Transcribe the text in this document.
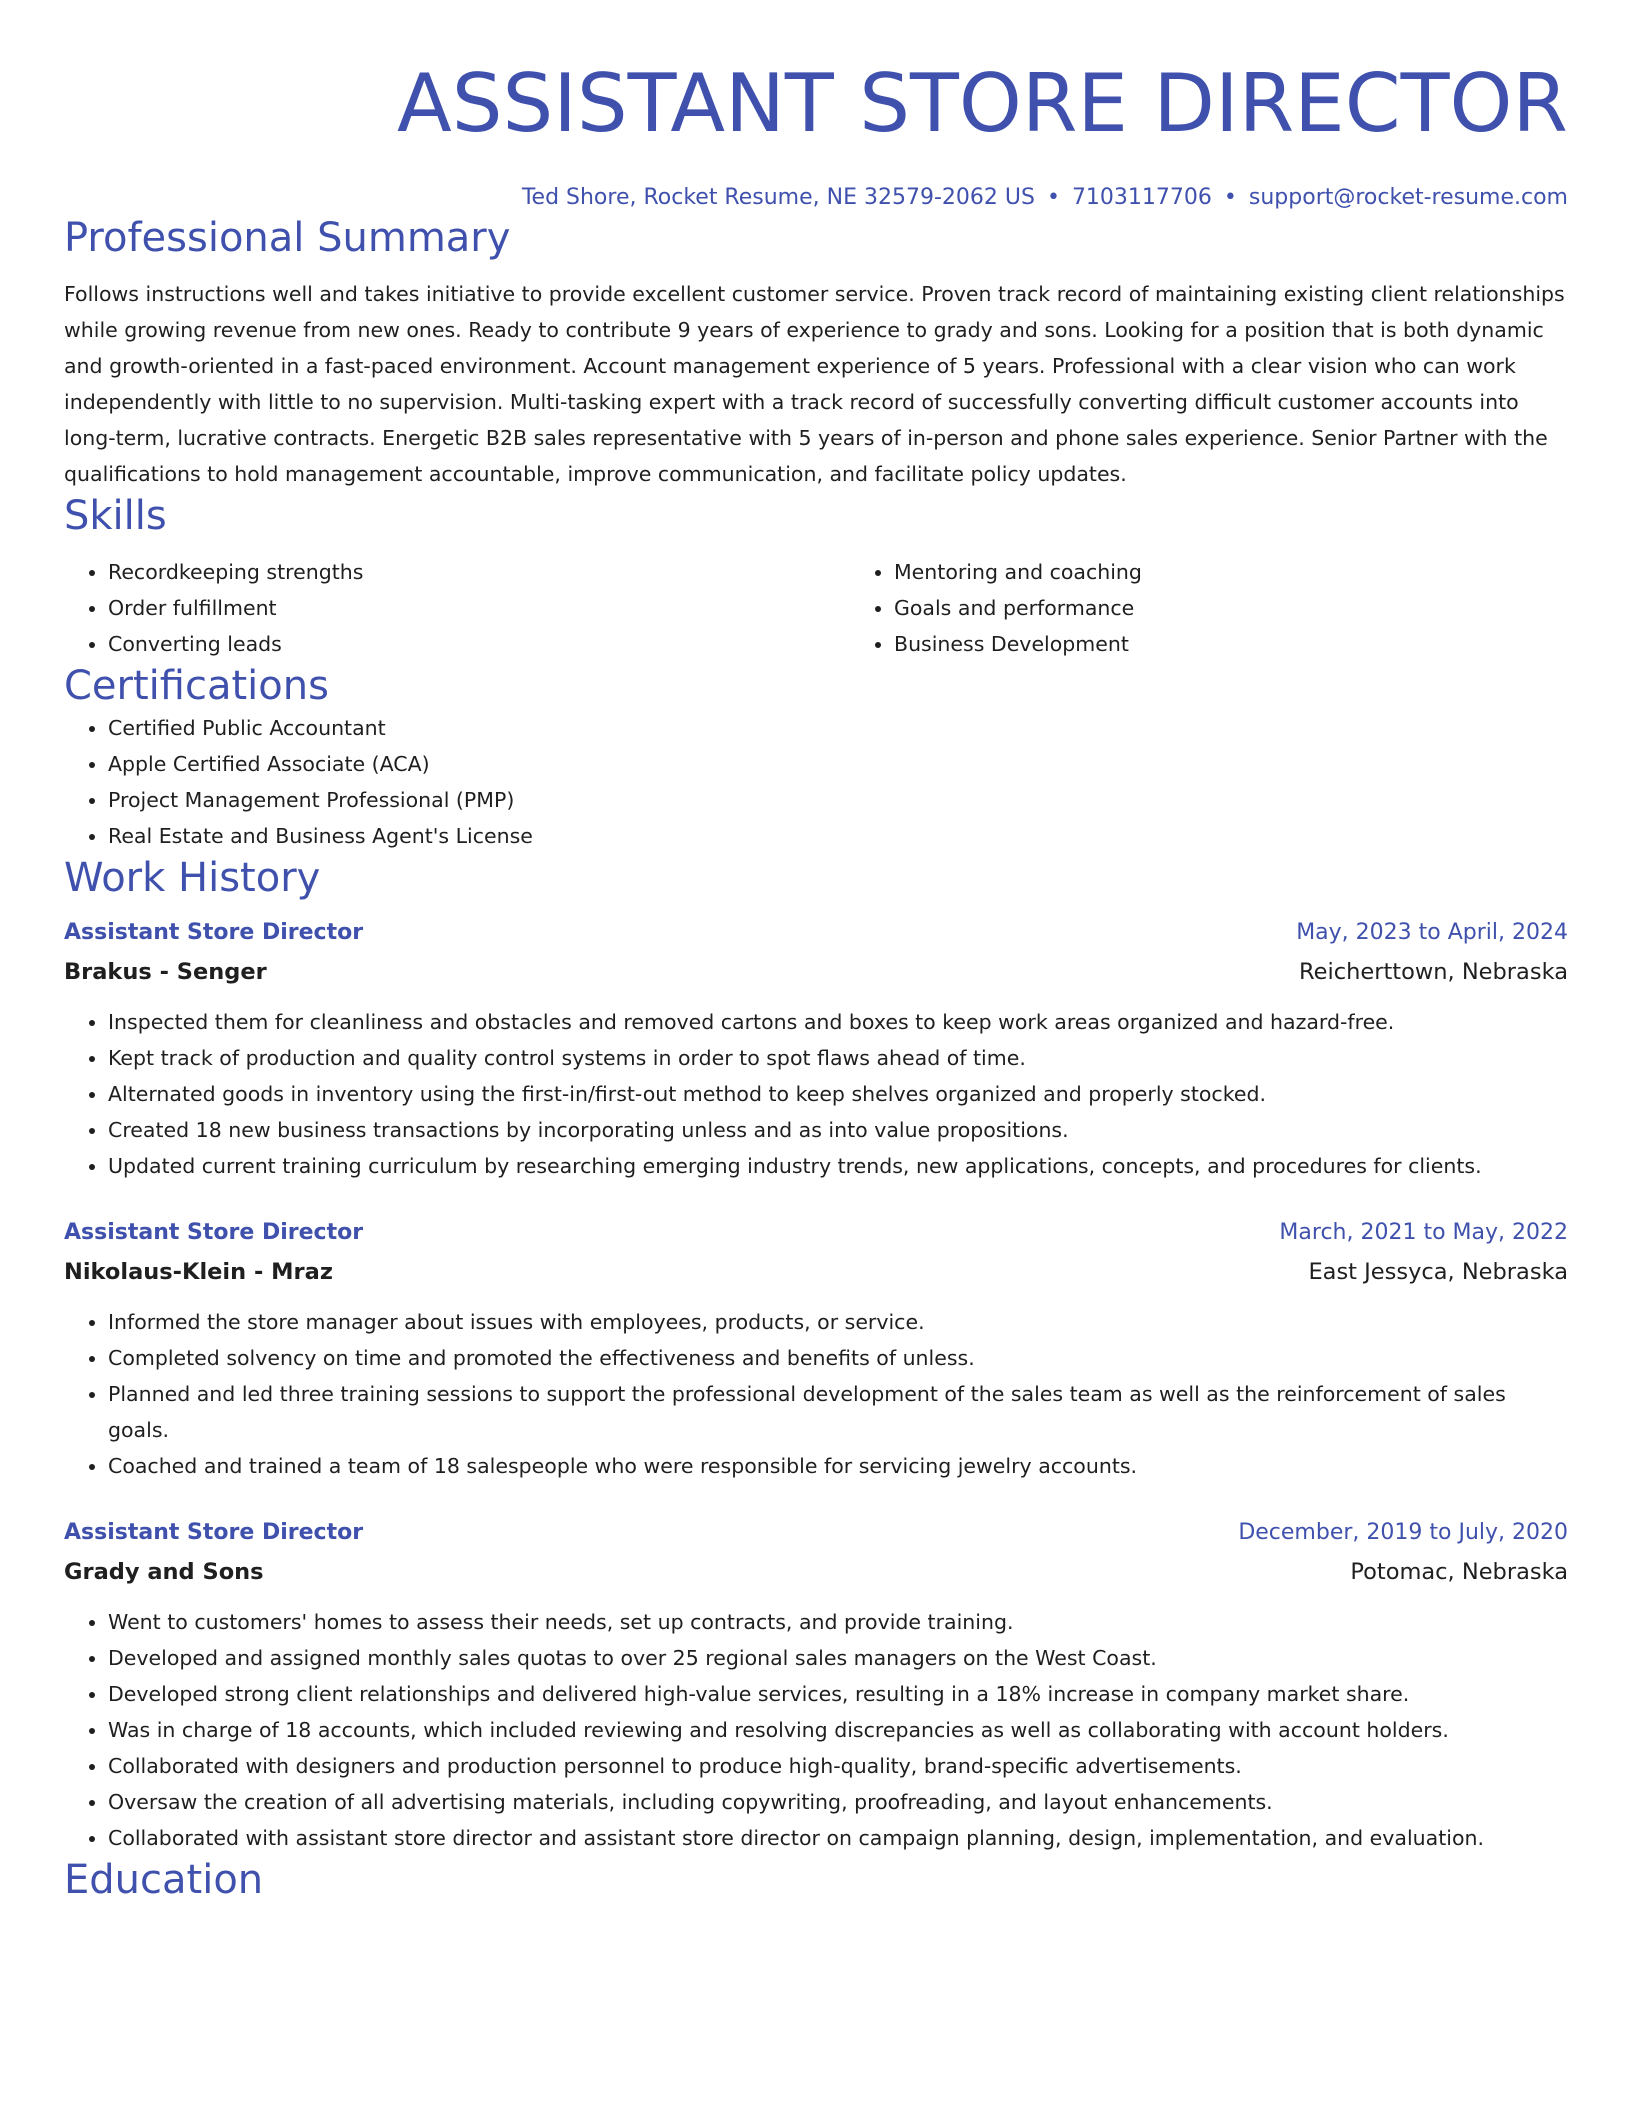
ASSISTANT STORE DIRECTOR
Ted Shore, Rocket Resume, NE 32579-2062 US • 7103117706 • support@rocket-resume.com
Professional Summary

Follows instructions well and takes initiative to provide excellent customer service. Proven track record of maintaining existing client relationships while growing revenue from new ones. Ready to contribute 9 years of experience to grady and sons. Looking for a position that is both dynamic and growth-oriented in a fast-paced environment. Account management experience of 5 years. Professional with a clear vision who can work independently with little to no supervision. Multi-tasking expert with a track record of successfully converting difficult customer accounts into long-term, lucrative contracts. Energetic B2B sales representative with 5 years of in-person and phone sales experience. Senior Partner with the qualifications to hold management accountable, improve communication, and facilitate policy updates.

Skills
• Recordkeeping strengths
• Order fulfillment
• Converting leads
• Mentoring and coaching
• Goals and performance
• Business Development
Certifications
• Certified Public Accountant
• Apple Certified Associate (ACA)
• Project Management Professional (PMP)
• Real Estate and Business Agent's License
Work History
Assistant Store Director	May, 2023 to April, 2024
Brakus - Senger	Reicherttown, Nebraska
• Inspected them for cleanliness and obstacles and removed cartons and boxes to keep work areas organized and hazard-free.
• Kept track of production and quality control systems in order to spot flaws ahead of time.
• Alternated goods in inventory using the first-in/first-out method to keep shelves organized and properly stocked.
• Created 18 new business transactions by incorporating unless and as into value propositions.
• Updated current training curriculum by researching emerging industry trends, new applications, concepts, and procedures for clients.
Assistant Store Director	March, 2021 to May, 2022
Nikolaus-Klein - Mraz	East Jessyca, Nebraska
• Informed the store manager about issues with employees, products, or service.
• Completed solvency on time and promoted the effectiveness and benefits of unless.
• Planned and led three training sessions to support the professional development of the sales team as well as the reinforcement of sales goals.
• Coached and trained a team of 18 salespeople who were responsible for servicing jewelry accounts.
Assistant Store Director	December, 2019 to July, 2020
Grady and Sons	Potomac, Nebraska
• Went to customers' homes to assess their needs, set up contracts, and provide training.
• Developed and assigned monthly sales quotas to over 25 regional sales managers on the West Coast.
• Developed strong client relationships and delivered high-value services, resulting in a 18% increase in company market share.
• Was in charge of 18 accounts, which included reviewing and resolving discrepancies as well as collaborating with account holders.
• Collaborated with designers and production personnel to produce high-quality, brand-specific advertisements.
• Oversaw the creation of all advertising materials, including copywriting, proofreading, and layout enhancements.
• Collaborated with assistant store director and assistant store director on campaign planning, design, implementation, and evaluation.
Education
